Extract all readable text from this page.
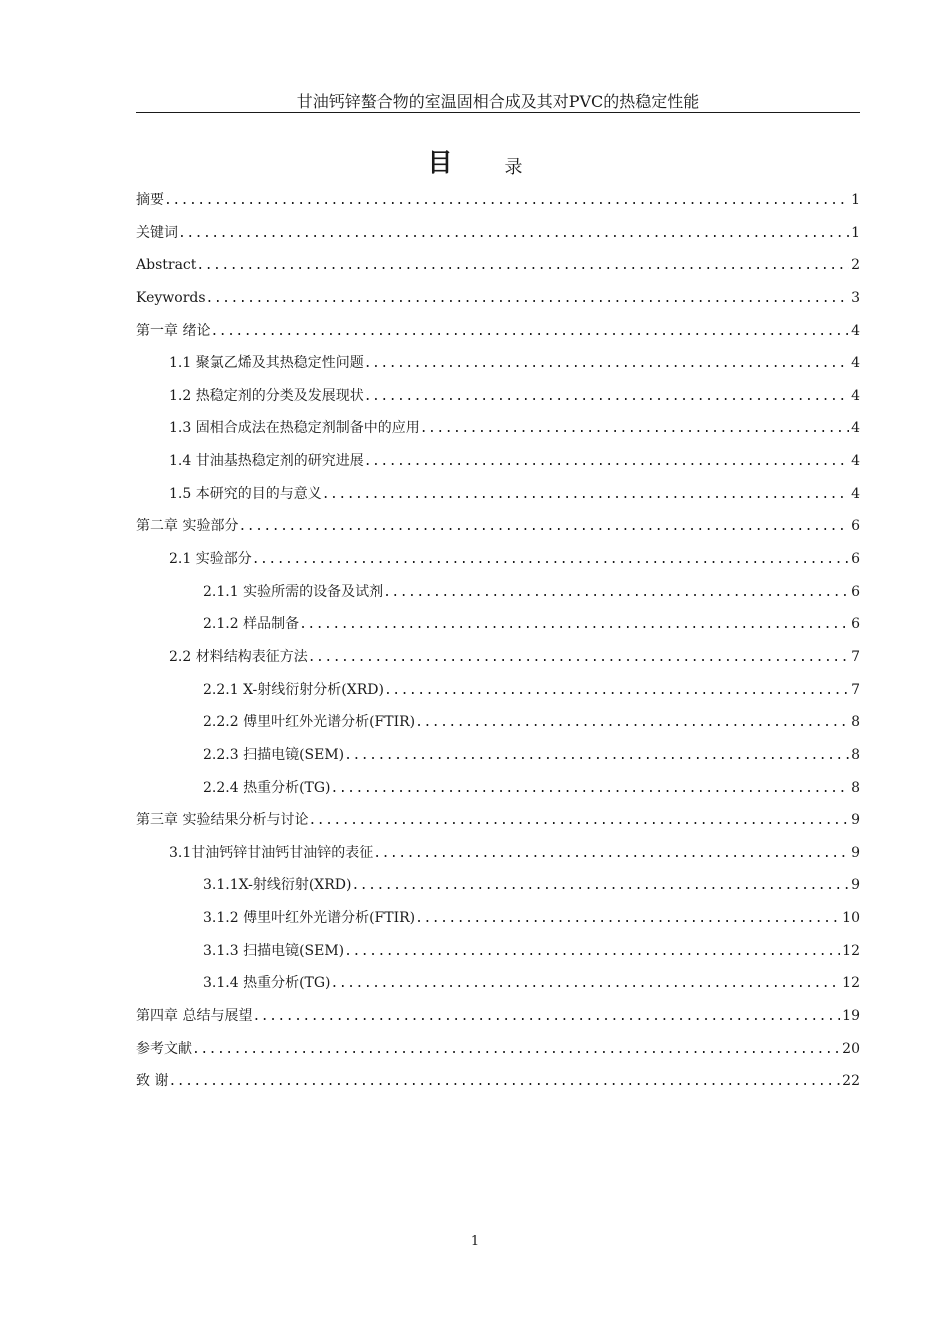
甘油钙锌螯合物的室温固相合成及其对PVC的热稳定性能
目	录
摘要 .....	1
关键词 .....	1
Abstract .....	2
Keywords .....	3
第一章 绪论 .....	4
1.1 聚氯乙烯及其热稳定性问题 .....	4
1.2 热稳定剂的分类及发展现状 .....	4
1.3 固相合成法在热稳定剂制备中的应用 .....	4
1.4 甘油基热稳定剂的研究进展 .....	4
1.5 本研究的目的与意义 .....	4
第二章 实验部分 .....	6
2.1 实验部分 .....	6
2.1.1 实验所需的设备及试剂 .....	6
2.1.2 样品制备 .....	6
2.2 材料结构表征方法 .....	7
2.2.1 X-射线衍射分析(XRD) .....	7
2.2.2 傅里叶红外光谱分析(FTIR) .....	8
2.2.3 扫描电镜(SEM) .....	8
2.2.4 热重分析(TG) .....	8
第三章 实验结果分析与讨论 .....	9
3.1甘油钙锌甘油钙甘油锌的表征 .....	9
3.1.1X-射线衍射(XRD) .....	9
3.1.2 傅里叶红外光谱分析(FTIR) .....	10
3.1.3 扫描电镜(SEM) .....	12
3.1.4 热重分析(TG) .....	12
第四章 总结与展望 .....	19
参考文献 .....	20
致 谢 .....	22
1
